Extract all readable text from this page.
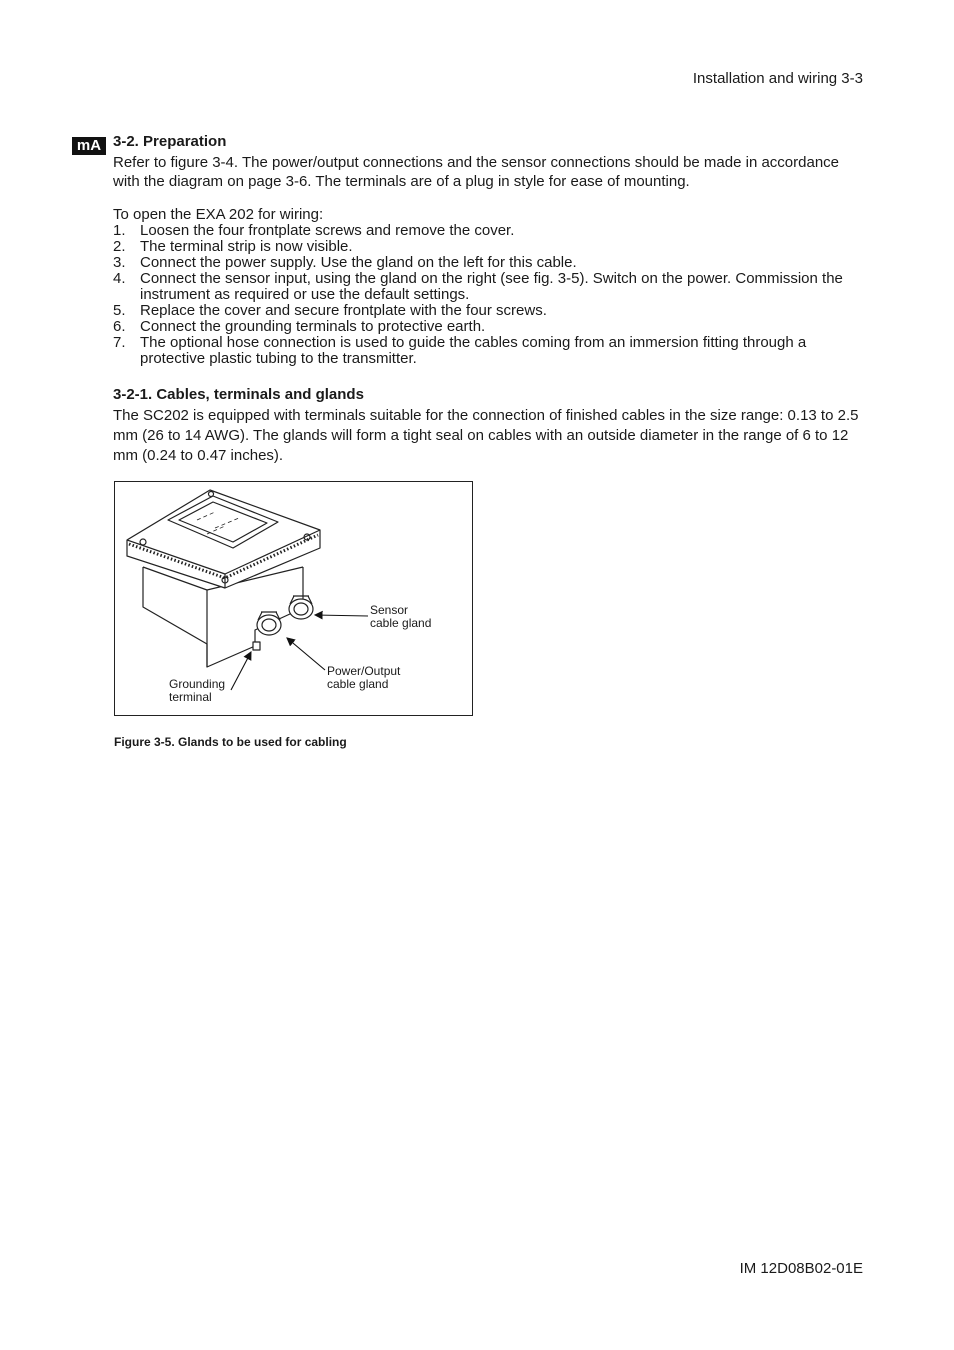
Installation and wiring 3-3
mA 3-2. Preparation

Refer to figure 3-4. The power/output connections and the sensor connections should be made in accordance with the diagram on page 3-6. The terminals are of a plug in style for ease of mounting.

To open the EXA 202 for wiring:

1. Loosen the four frontplate screws and remove the cover.
2. The terminal strip is now visible.
3. Connect the power supply. Use the gland on the left for this cable.
4. Connect the sensor input, using the gland on the right (see fig. 3-5). Switch on the power. Commission the instrument as required or use the default settings.
5. Replace the cover and secure frontplate with the four screws.
6. Connect the grounding terminals to protective earth.
7. The optional hose connection is used to guide the cables coming from an immersion fitting through a protective plastic tubing to the transmitter.

3-2-1. Cables, terminals and glands

The SC202 is equipped with terminals suitable for the connection of finished cables in the size range: 0.13 to 2.5 mm (26 to 14 AWG). The glands will form a tight seal on cables with an outside diameter in the range of 6 to 12 mm (0.24 to 0.47 inches).

Sensor
cable gland
Power/Output
cable gland
Grounding
terminal
Figure 3-5. Glands to be used for cabling
IM 12D08B02-01E
